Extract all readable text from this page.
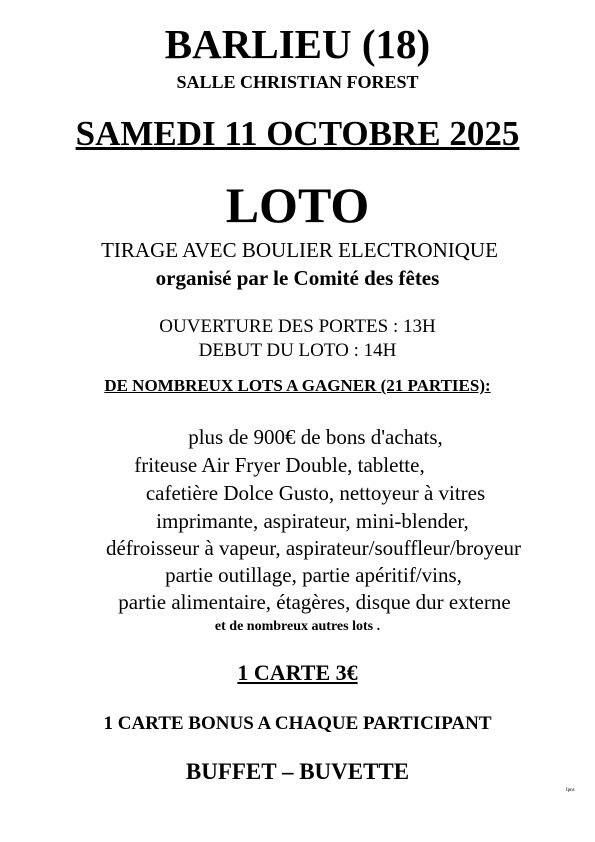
BARLIEU (18)
SALLE CHRISTIAN FOREST
SAMEDI 11 OCTOBRE 2025
LOTO
TIRAGE AVEC BOULIER ELECTRONIQUE
organisé par le Comité des fêtes
OUVERTURE DES PORTES : 13H
DEBUT DU LOTO : 14H
DE NOMBREUX LOTS A GAGNER (21 PARTIES):
plus de 900€ de bons d'achats,
friteuse Air Fryer Double, tablette,
cafetière Dolce Gusto, nettoyeur à vitres
imprimante, aspirateur, mini-blender,
défroisseur à vapeur, aspirateur/souffleur/broyeur
partie outillage, partie apéritif/vins,
partie alimentaire, étagères, disque dur externe
et de nombreux autres lots .
1 CARTE 3€
1 CARTE BONUS A CHAQUE PARTICIPANT
BUFFET – BUVETTE
Ipns
